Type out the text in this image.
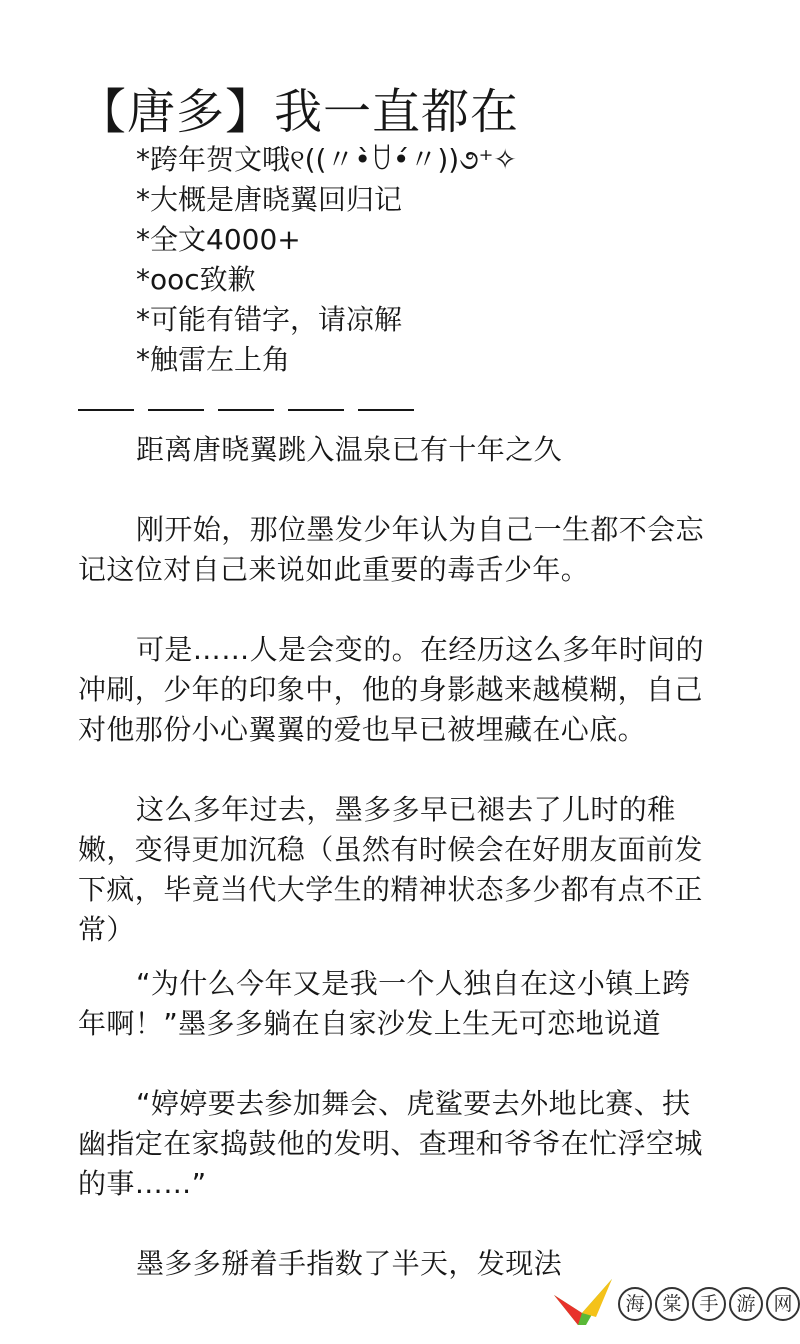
【唐多】我一直都在
*跨年贺文哦୧((〃•̀ꇴ•́〃))૭⁺✧
*大概是唐晓翼回归记
*全文4000+
*ooc致歉
*可能有错字，请凉解
*触雷左上角

距离唐晓翼跳入温泉已有十年之久

刚开始，那位墨发少年认为自己一生都不会忘记这位对自己来说如此重要的毒舌少年。

可是……人是会变的。在经历这么多年时间的冲刷，少年的印象中，他的身影越来越模糊，自己对他那份小心翼翼的爱也早已被埋藏在心底。

这么多年过去，墨多多早已褪去了儿时的稚嫩，变得更加沉稳（虽然有时候会在好朋友面前发下疯，毕竟当代大学生的精神状态多少都有点不正常）

“为什么今年又是我一个人独自在这小镇上跨年啊！”墨多多躺在自家沙发上生无可恋地说道

“婷婷要去参加舞会、虎鲨要去外地比赛、扶幽指定在家捣鼓他的发明、查理和爷爷在忙浮空城的事……”

墨多多掰着手指数了半天，发现法

海 棠 手 游 网
